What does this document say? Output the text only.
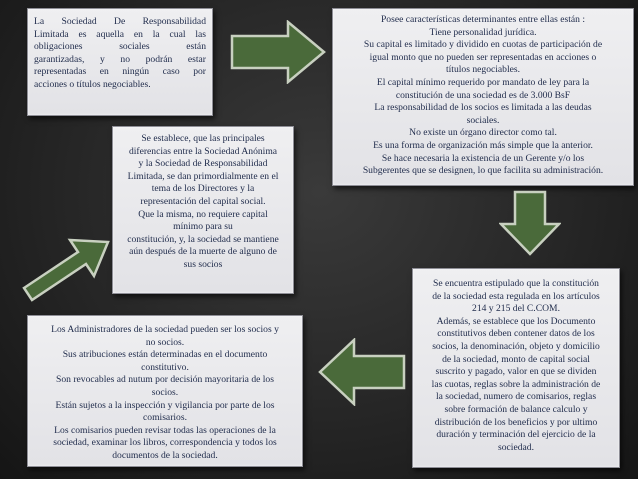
La Sociedad De Responsabilidad
Limitada es aquella en la cual las
obligaciones sociales están
garantizadas, y no podrán estar
representadas en ningún caso por
acciones o títulos negociables.
Posee características determinantes entre ellas están :
Tiene personalidad jurídica.
Su capital es limitado y dividido en cuotas de participación de
igual monto que no pueden ser representadas en acciones o
títulos negociables.
El capital mínimo requerido por mandato de ley para la
constitución de una sociedad es de 3.000 BsF
La responsabilidad de los socios es limitada a las deudas
sociales.
No existe un órgano director como tal.
Es una forma de organización más simple que la anterior.
Se hace necesaria la existencia de un Gerente y/o los
Subgerentes que se designen, lo que facilita su administración.
Se establece, que las principales
diferencias entre la Sociedad Anónima
y la Sociedad de Responsabilidad
Limitada, se dan primordialmente en el
tema de los Directores y la
representación del capital social.
Que la misma, no requiere capital
mínimo para su
constitución, y, la sociedad se mantiene
aún después de la muerte de alguno de
sus socios
Se encuentra estipulado que la constitución
de la sociedad esta regulada en los artículos
214 y 215 del C.COM.
Además, se establece que los Documento
constitutivos deben contener datos de los
socios, la denominación, objeto y domicilio
de la sociedad, monto de capital social
suscrito y pagado, valor en que se dividen
las cuotas, reglas sobre la administración de
la sociedad, numero de comisarios, reglas
sobre formación de balance calculo y
distribución de los beneficios y por ultimo
duración y terminación del ejercicio de la
sociedad.
Los Administradores de la sociedad pueden ser los socios y
no socios.
Sus atribuciones están determinadas en el documento
constitutivo.
Son revocables ad nutum por decisión mayoritaria de los
socios.
Están sujetos a la inspección y vigilancia por parte de los
comisarios.
Los comisarios pueden revisar todas las operaciones de la
sociedad, examinar los libros, correspondencia y todos los
documentos de la sociedad.
